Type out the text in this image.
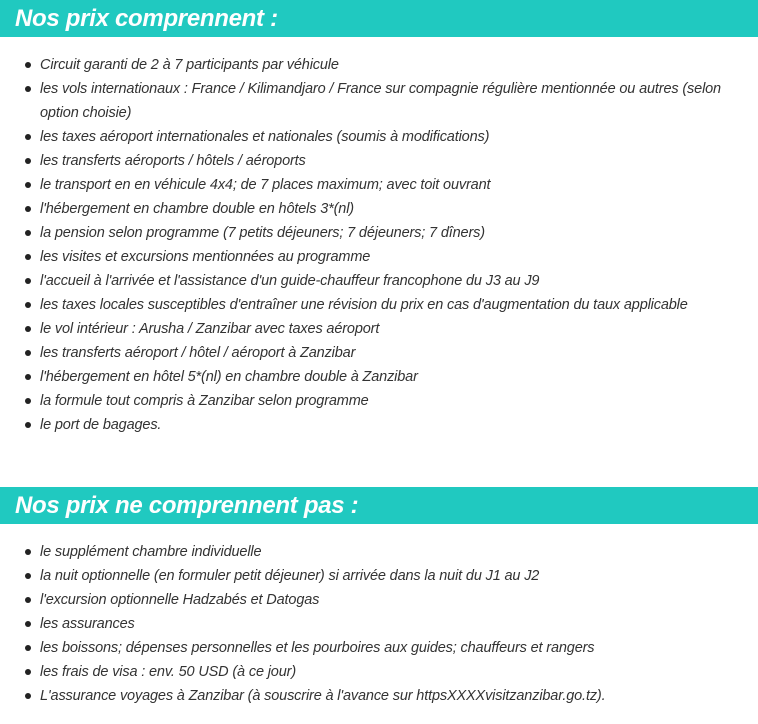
Nos prix comprennent :
Circuit garanti de 2 à 7 participants par véhicule
les vols internationaux : France / Kilimandjaro / France sur compagnie régulière mentionnée ou autres (selon option choisie)
les taxes aéroport internationales et nationales (soumis à modifications)
les transferts aéroports / hôtels / aéroports
le transport en en véhicule 4x4; de 7 places maximum; avec toit ouvrant
l'hébergement en chambre double en hôtels 3*(nl)
la pension selon programme (7 petits déjeuners; 7 déjeuners; 7 dîners)
les visites et excursions mentionnées au programme
l'accueil à l'arrivée et l'assistance d'un guide-chauffeur francophone du J3 au J9
les taxes locales susceptibles d'entraîner une révision du prix en cas d'augmentation du taux applicable
le vol intérieur : Arusha / Zanzibar avec taxes aéroport
les transferts aéroport / hôtel / aéroport à Zanzibar
l'hébergement en hôtel 5*(nl) en chambre double à Zanzibar
la formule tout compris à Zanzibar selon programme
le port de bagages.
Nos prix ne comprennent pas :
le supplément chambre individuelle
la nuit optionnelle (en formuler petit déjeuner) si arrivée dans la nuit du J1 au J2
l'excursion optionnelle Hadzabés et Datogas
les assurances
les boissons; dépenses personnelles et les pourboires aux guides; chauffeurs et rangers
les frais de visa : env. 50 USD (à ce jour)
L'assurance voyages à Zanzibar (à souscrire à l'avance sur httpsXXXXvisitzanzibar.go.tz).
